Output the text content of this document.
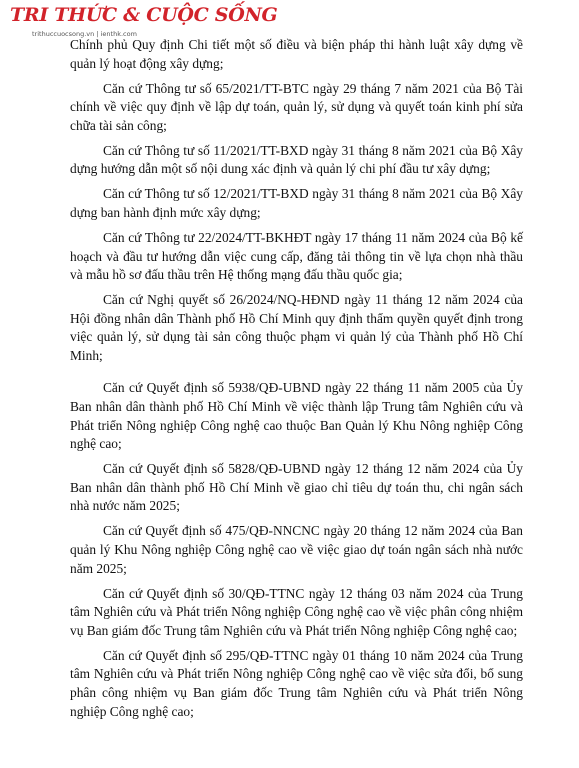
TRI THỨC & CUỘC SỐNG
trithuccuocsong.vn | ienthk.com

Chính phủ Quy định Chi tiết một số điều và biện pháp thi hành luật xây dựng về quản lý hoạt động xây dựng;

Căn cứ Thông tư số 65/2021/TT-BTC ngày 29 tháng 7 năm 2021 của Bộ Tài chính về việc quy định về lập dự toán, quản lý, sử dụng và quyết toán kinh phí sửa chữa tài sản công;

Căn cứ Thông tư số 11/2021/TT-BXD ngày 31 tháng 8 năm 2021 của Bộ Xây dựng hướng dẫn một số nội dung xác định và quản lý chi phí đầu tư xây dựng;

Căn cứ Thông tư số 12/2021/TT-BXD ngày 31 tháng 8 năm 2021 của Bộ Xây dựng ban hành định mức xây dựng;

Căn cứ Thông tư 22/2024/TT-BKHĐT ngày 17 tháng 11 năm 2024 của Bộ kế hoạch và đầu tư hướng dẫn việc cung cấp, đăng tải thông tin về lựa chọn nhà thầu và mẫu hồ sơ đấu thầu trên Hệ thống mạng đấu thầu quốc gia;

Căn cứ Nghị quyết số 26/2024/NQ-HĐND ngày 11 tháng 12 năm 2024 của Hội đồng nhân dân Thành phố Hồ Chí Minh quy định thẩm quyền quyết định trong việc quản lý, sử dụng tài sản công thuộc phạm vi quản lý của Thành phố Hồ Chí Minh;

Căn cứ Quyết định số 5938/QĐ-UBND ngày 22 tháng 11 năm 2005 của Ủy Ban nhân dân thành phố Hồ Chí Minh về việc thành lập Trung tâm Nghiên cứu và Phát triển Nông nghiệp Công nghệ cao thuộc Ban Quản lý Khu Nông nghiệp Công nghệ cao;

Căn cứ Quyết định số 5828/QĐ-UBND ngày 12 tháng 12 năm 2024 của Ủy Ban nhân dân thành phố Hồ Chí Minh về giao chỉ tiêu dự toán thu, chi ngân sách nhà nước năm 2025;

Căn cứ Quyết định số 475/QĐ-NNCNC ngày 20 tháng 12 năm 2024 của Ban quản lý Khu Nông nghiệp Công nghệ cao về việc giao dự toán ngân sách nhà nước năm 2025;

Căn cứ Quyết định số 30/QĐ-TTNC ngày 12 tháng 03 năm 2024 của Trung tâm Nghiên cứu và Phát triển Nông nghiệp Công nghệ cao về việc phân công nhiệm vụ Ban giám đốc Trung tâm Nghiên cứu và Phát triển Nông nghiệp Công nghệ cao;

Căn cứ Quyết định số 295/QĐ-TTNC ngày 01 tháng 10 năm 2024 của Trung tâm Nghiên cứu và Phát triển Nông nghiệp Công nghệ cao về việc sửa đổi, bổ sung phân công nhiệm vụ Ban giám đốc Trung tâm Nghiên cứu và Phát triển Nông nghiệp Công nghệ cao;
